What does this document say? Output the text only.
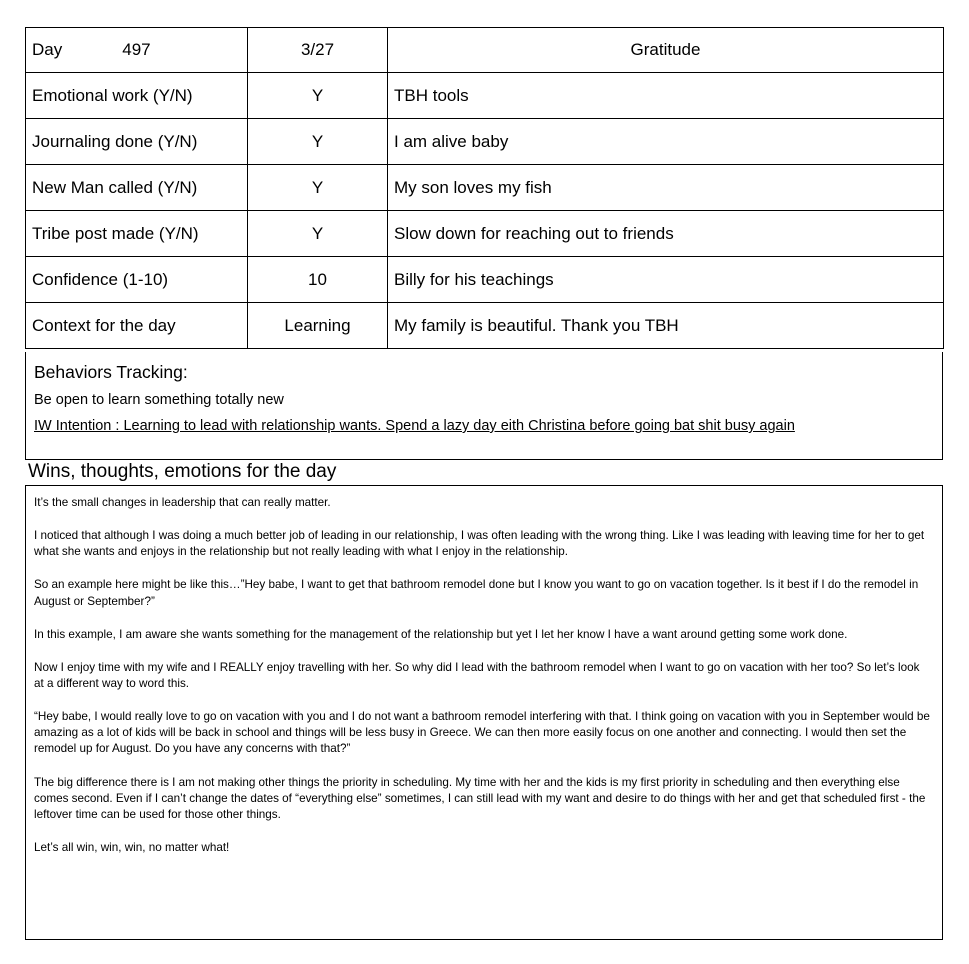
Day 497	3/27	Gratitude
Emotional work (Y/N)	Y	TBH tools
Journaling done (Y/N)	Y	I am alive baby
New Man called (Y/N)	Y	My son loves my fish
Tribe post made (Y/N)	Y	Slow down for reaching out to friends
Confidence (1-10)	10	Billy for his teachings
Context for the day	Learning	My family is beautiful. Thank you TBH
Behaviors Tracking:
Be open to learn something totally new
IW Intention : Learning to lead with relationship wants. Spend a lazy day eith Christina before going bat shit busy again
Wins, thoughts, emotions for the day

It’s the small changes in leadership that can really matter.

I noticed that although I was doing a much better job of leading in our relationship, I was often leading with the wrong thing. Like I was leading with leaving time for her to get what she wants and enjoys in the relationship but not really leading with what I enjoy in the relationship.

So an example here might be like this…”Hey babe, I want to get that bathroom remodel done but I know you want to go on vacation together. Is it best if I do the remodel in August or September?”

In this example, I am aware she wants something for the management of the relationship but yet I let her know I have a want around getting some work done.

Now I enjoy time with my wife and I REALLY enjoy travelling with her. So why did I lead with the bathroom remodel when I want to go on vacation with her too? So let’s look at a different way to word this.

“Hey babe, I would really love to go on vacation with you and I do not want a bathroom remodel interfering with that. I think going on vacation with you in September would be amazing as a lot of kids will be back in school and things will be less busy in Greece. We can then more easily focus on one another and connecting. I would then set the remodel up for August. Do you have any concerns with that?”

The big difference there is I am not making other things the priority in scheduling. My time with her and the kids is my first priority in scheduling and then everything else comes second. Even if I can’t change the dates of “everything else” sometimes, I can still lead with my want and desire to do things with her and get that scheduled first - the leftover time can be used for those other things.

Let’s all win, win, win, no matter what!
